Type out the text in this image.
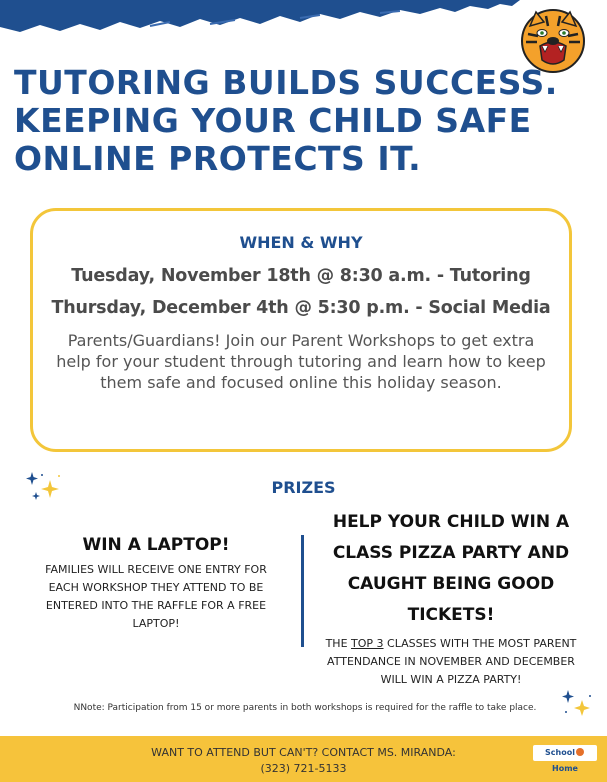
TUTORING BUILDS SUCCESS.
KEEPING YOUR CHILD SAFE
ONLINE PROTECTS IT.
WHEN & WHY
Tuesday, November 18th @ 8:30 a.m. - Tutoring
Thursday, December 4th @ 5:30 p.m. - Social Media
Parents/Guardians! Join our Parent Workshops to get extra help for your student through tutoring and learn how to keep them safe and focused online this holiday season.
PRIZES
WIN A LAPTOP!
FAMILIES WILL RECEIVE ONE ENTRY FOR EACH WORKSHOP THEY ATTEND TO BE ENTERED INTO THE RAFFLE FOR A FREE LAPTOP!
HELP YOUR CHILD WIN A CLASS PIZZA PARTY AND CAUGHT BEING GOOD TICKETS!
THE TOP 3 CLASSES WITH THE MOST PARENT ATTENDANCE IN NOVEMBER AND DECEMBER WILL WIN A PIZZA PARTY!
NNote: Participation from 15 or more parents in both workshops is required for the raffle to take place.
WANT TO ATTEND BUT CAN'T? CONTACT MS. MIRANDA:
(323) 721-5133
SchoolHome
